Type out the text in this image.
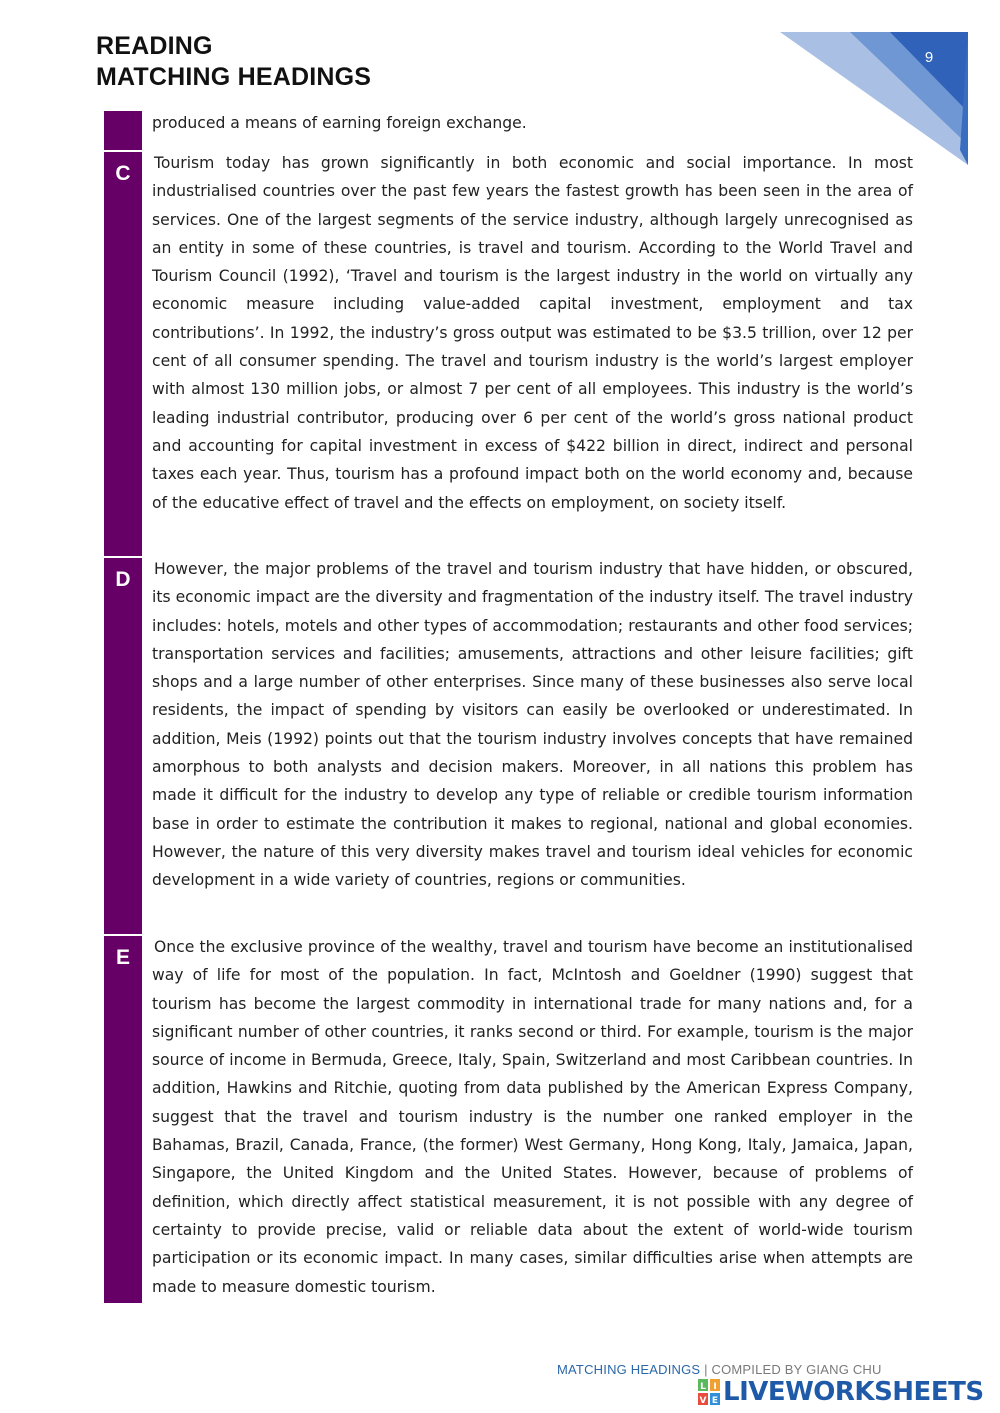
READING
MATCHING HEADINGS
9
produced a means of earning foreign exchange.
C	Tourism today has grown significantly in both economic and social importance. In most industrialised countries over the past few years the fastest growth has been seen in the area of services. One of the largest segments of the service industry, although largely unrecognised as an entity in some of these countries, is travel and tourism. According to the World Travel and Tourism Council (1992), ‘Travel and tourism is the largest industry in the world on virtually any economic measure including value-added capital investment, employment and tax contributions’. In 1992, the industry’s gross output was estimated to be $3.5 trillion, over 12 per cent of all consumer spending. The travel and tourism industry is the world’s largest employer with almost 130 million jobs, or almost 7 per cent of all employees. This industry is the world’s leading industrial contributor, producing over 6 per cent of the world’s gross national product and accounting for capital investment in excess of $422 billion in direct, indirect and personal taxes each year. Thus, tourism has a profound impact both on the world economy and, because of the educative effect of travel and the effects on employment, on society itself.
D	However, the major problems of the travel and tourism industry that have hidden, or obscured, its economic impact are the diversity and fragmentation of the industry itself. The travel industry includes: hotels, motels and other types of accommodation; restaurants and other food services; transportation services and facilities; amusements, attractions and other leisure facilities; gift shops and a large number of other enterprises. Since many of these businesses also serve local residents, the impact of spending by visitors can easily be overlooked or underestimated. In addition, Meis (1992) points out that the tourism industry involves concepts that have remained amorphous to both analysts and decision makers. Moreover, in all nations this problem has made it difficult for the industry to develop any type of reliable or credible tourism information base in order to estimate the contribution it makes to regional, national and global economies. However, the nature of this very diversity makes travel and tourism ideal vehicles for economic development in a wide variety of countries, regions or communities.
E	Once the exclusive province of the wealthy, travel and tourism have become an institutionalised way of life for most of the population. In fact, McIntosh and Goeldner (1990) suggest that tourism has become the largest commodity in international trade for many nations and, for a significant number of other countries, it ranks second or third. For example, tourism is the major source of income in Bermuda, Greece, Italy, Spain, Switzerland and most Caribbean countries. In addition, Hawkins and Ritchie, quoting from data published by the American Express Company, suggest that the travel and tourism industry is the number one ranked employer in the Bahamas, Brazil, Canada, France, (the former) West Germany, Hong Kong, Italy, Jamaica, Japan, Singapore, the United Kingdom and the United States. However, because of problems of definition, which directly affect statistical measurement, it is not possible with any degree of certainty to provide precise, valid or reliable data about the extent of world-wide tourism participation or its economic impact. In many cases, similar difficulties arise when attempts are made to measure domestic tourism.
MATCHING HEADINGS | COMPILED BY GIANG CHU
L I
V E LIVEWORKSHEETS
